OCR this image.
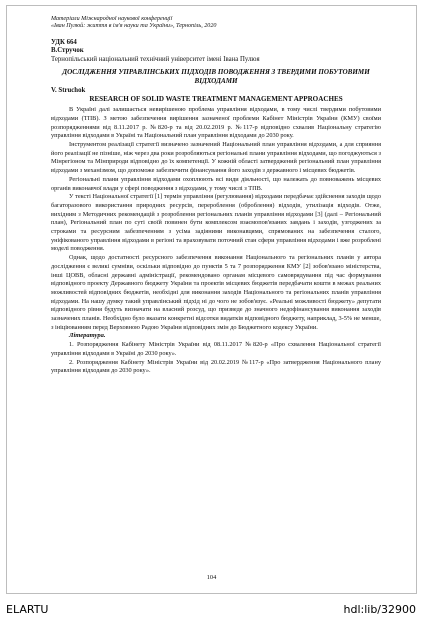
Матеріали Міжнародної наукової конференції
«Іван Пулюй: життя в ім'я науки та України», Тернопіль, 2020
УДК 664
В.Стручок
Тернопільський національний технічний університет імені Івана Пулюя
ДОСЛІДЖЕННЯ УПРАВЛІНСЬКИХ ПІДХОДІВ ПОВОДЖЕННЯ З ТВЕРДИМИ ПОБУТОВИМИ ВІДХОДАМИ
V. Struchok
RESEARCH OF SOLID WASTE TREATMENT MANAGEMENT APPROACHES

В Україні далі залишається невирішеною проблема управління відходами, в тому числі твердими побутовими відходами (ТПВ). З метою забезпечення вирішення зазначеної проблеми Кабінет Міністрів України (КМУ) своїми розпорядженнями від 8.11.2017 р. №820-р та від 20.02.2019 р. №117-р відповідно схвалив Національну стратегію управління відходами в Україні та Національний план управління відходами до 2030 року.

Інструментом реалізації стратегії визначено зазначений Національний план управління відходами, а для сприяння його реалізації не пізніше, ніж через два роки розробляються регіональні плани управління відходами, що погоджуються з Мінрегіоном та Мінприроди відповідно до їх компетенції. У кожній області затверджений регіональний план управління відходами з механізмом, що допоможе забезпечити фінансування його заходів з державного і місцевих бюджетів.

Регіональні плани управління відходами охоплюють всі види діяльності, що належать до повноважень місцевих органів виконавчої влади у сфері поводження з відходами, у тому числі з ТПВ.

У тексті Національної стратегії [1] термін управління (регулювання) відходами передбачає здійснення заходів щодо багаторазового використання природних ресурсів, перероблення (оброблення) відходів, утилізація відходів. Отже, вихідним з Методичних рекомендацій з розроблення регіональних планів управління відходами [3] (далі – Регіональний план), Регіональний план по суті своїй повинен бути комплексом взаємопов'язаних завдань і заходів, узгоджених за строками та ресурсним забезпеченням з усіма задіяними виконавцями, спрямованих на забезпечення сталого, уніфікованого управління відходами в регіоні та враховувати поточний стан сфери управління відходами і вже розроблені моделі поводження.

Однак, щодо достатності ресурсного забезпечення виконання Національного та регіональних планів у автора дослідження є великі сумніви, оскільки відповідно до пунктів 5 та 7 розпорядження КМУ [2] зобов'язано міністерства, інші ЦОВВ, обласні державні адміністрації, рекомендовано органам місцевого самоврядування під час формування відповідного проекту Державного бюджету України та проектів місцевих бюджетів передбачати кошти в межах реальних можливостей відповідних бюджетів, необхідні для виконання заходів Національного та регіональних планів управління відходами. На нашу думку такий управлінський підхід ні до чого не зобов'язує. «Реальні можливості бюджету» депутати відповідного рівня будуть визначати на власний розсуд, що призведе до значного недофінансування виконання заходів зазначених планів. Необхідно було вказати конкретні відсотки видатків відповідного бюджету, наприклад, 3-5% не менше, з ініціюванням перед Верховною Радою України відповідних змін до Бюджетного кодексу України.

Література.

1. Розпорядження Кабінету Міністрів України від 08.11.2017 №820-р «Про схвалення Національної стратегії управління відходами в Україні до 2030 року».

2. Розпорядження Кабінету Міністрів України від 20.02.2019 №117-р «Про затвердження Національного плану управління відходами до 2030 року».

104
ELARTU	hdl:lib/32900
